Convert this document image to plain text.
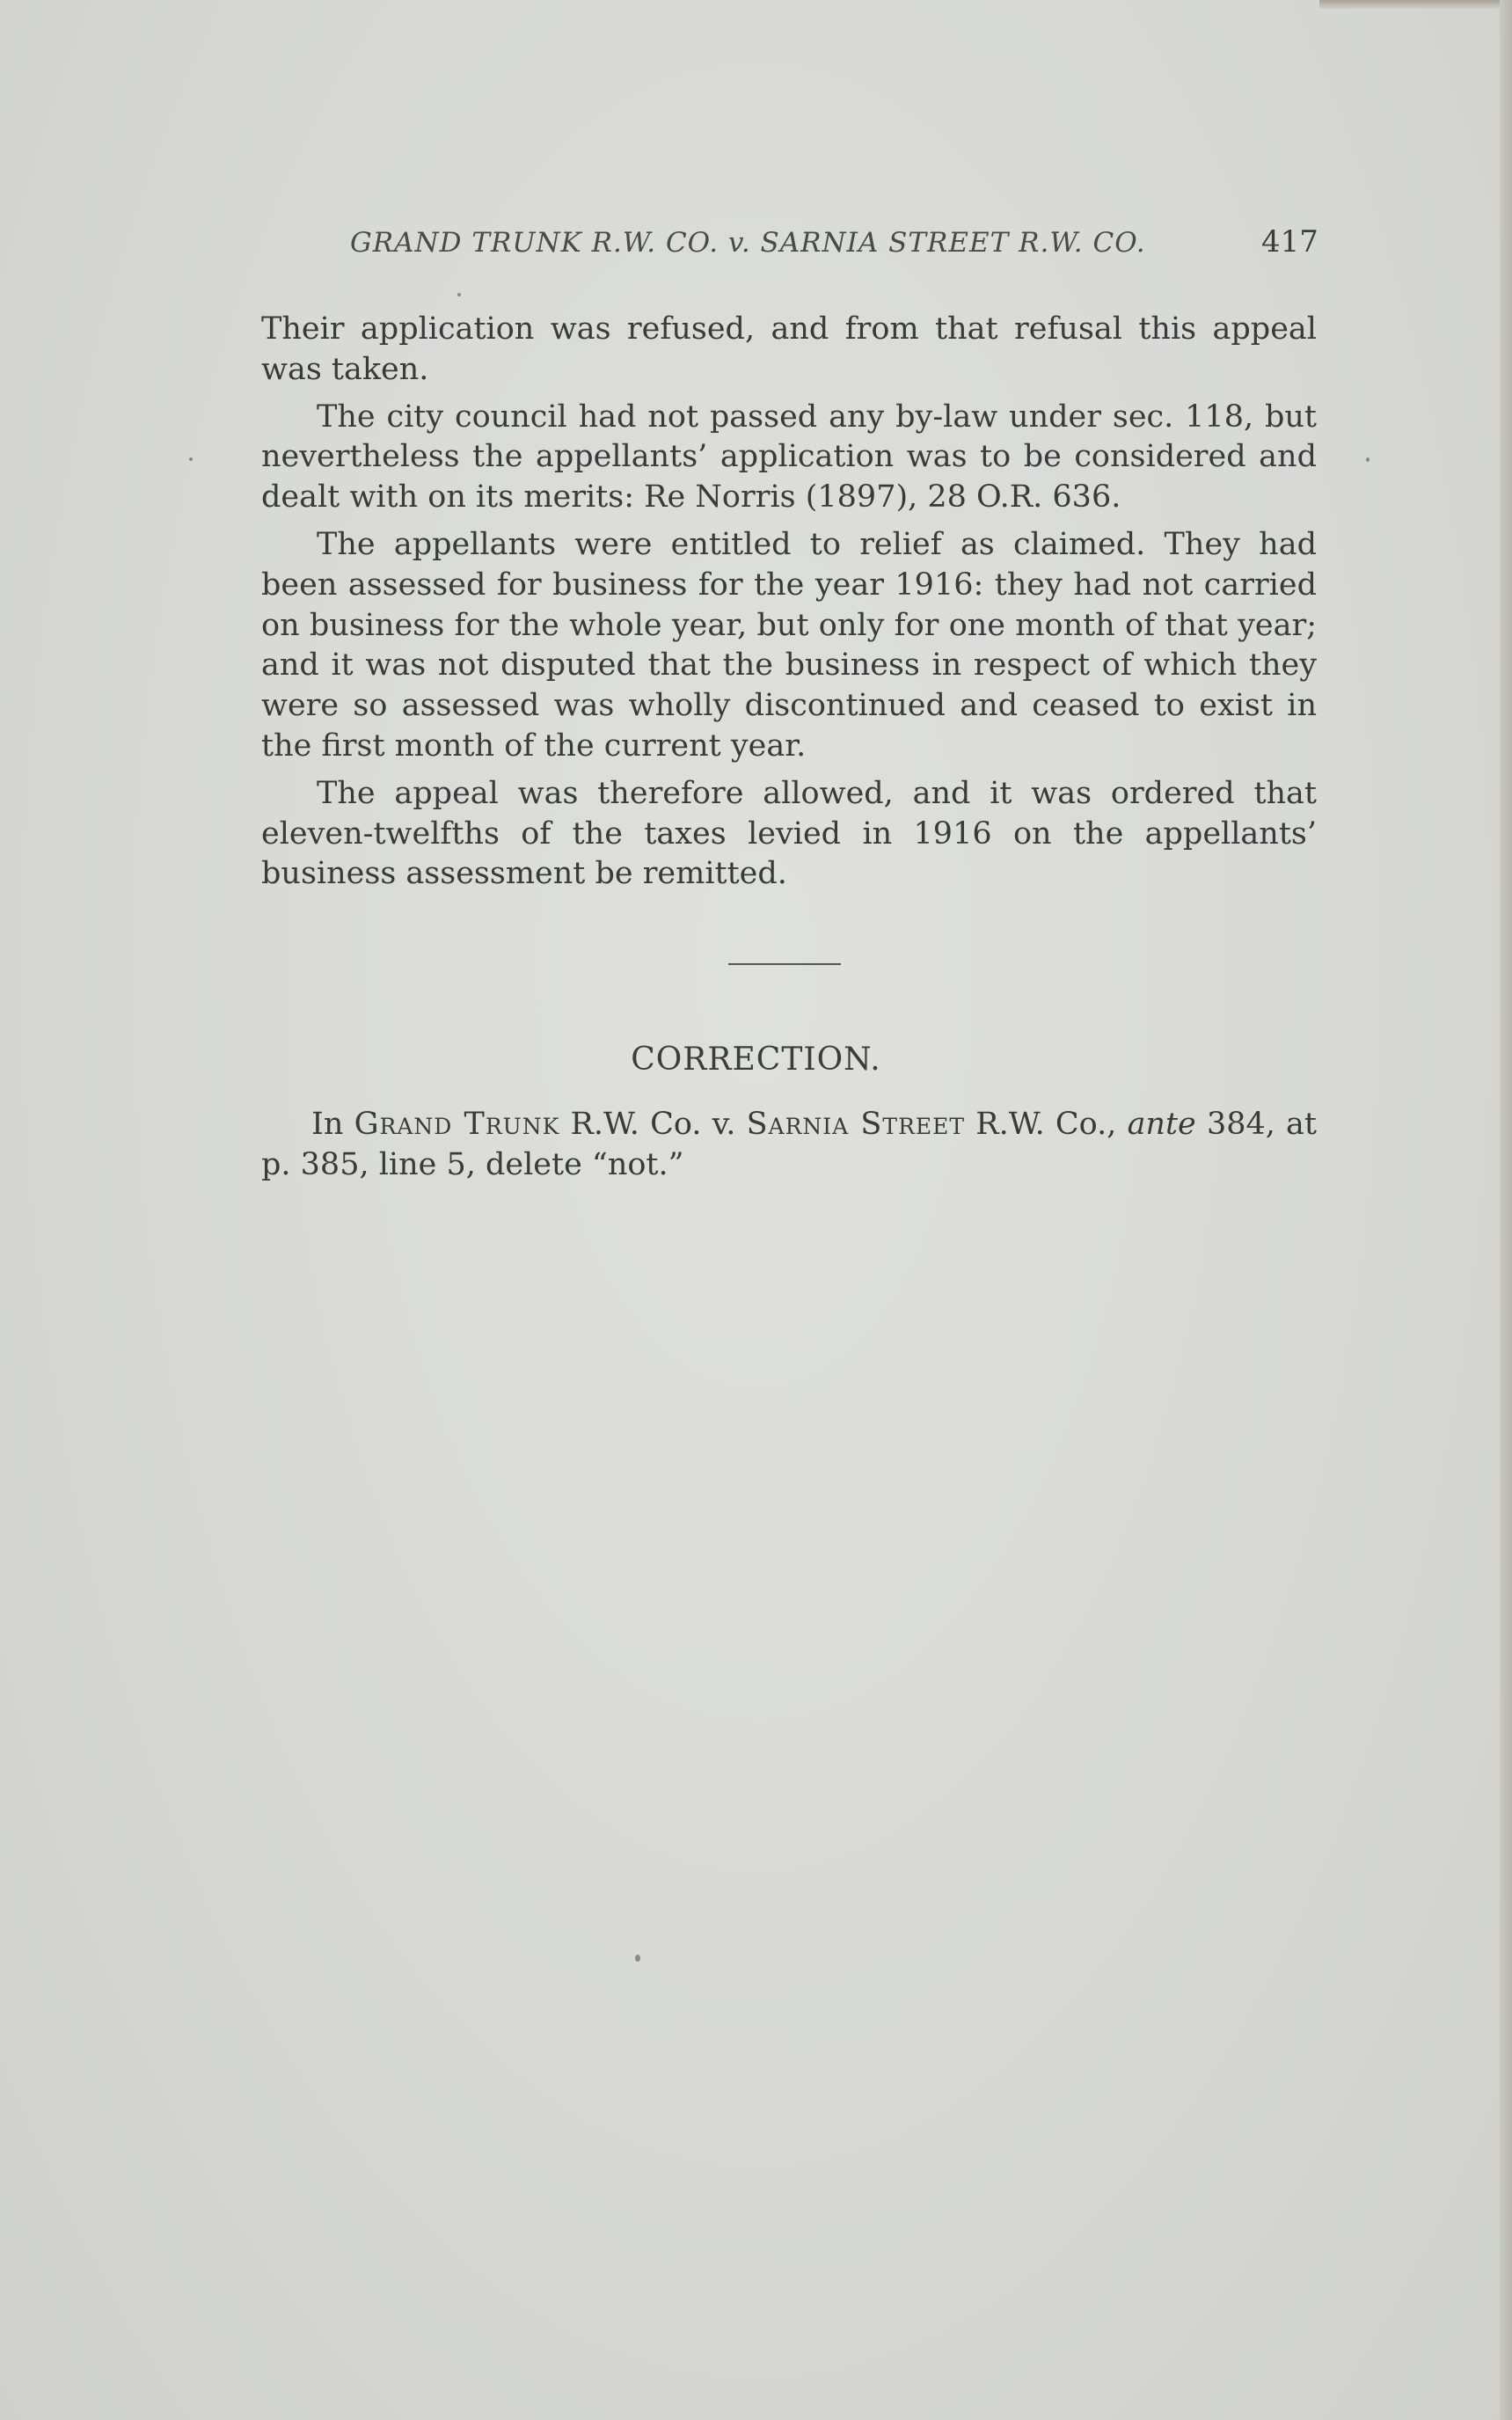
GRAND TRUNK R.W. CO. v. SARNIA STREET R.W. CO.	417

Their application was refused, and from that refusal this appeal was taken.

The city council had not passed any by-law under sec. 118, but nevertheless the appellants’ application was to be considered and dealt with on its merits: Re Norris (1897), 28 O.R. 636.

The appellants were entitled to relief as claimed. They had been assessed for business for the year 1916: they had not carried on business for the whole year, but only for one month of that year; and it was not disputed that the business in respect of which they were so assessed was wholly discontinued and ceased to exist in the first month of the current year.

The appeal was therefore allowed, and it was ordered that eleven-twelfths of the taxes levied in 1916 on the appellants’ business assessment be remitted.

CORRECTION.

In Grand Trunk R.W. Co. v. Sarnia Street R.W. Co., ante 384, at p. 385, line 5, delete “not.”
